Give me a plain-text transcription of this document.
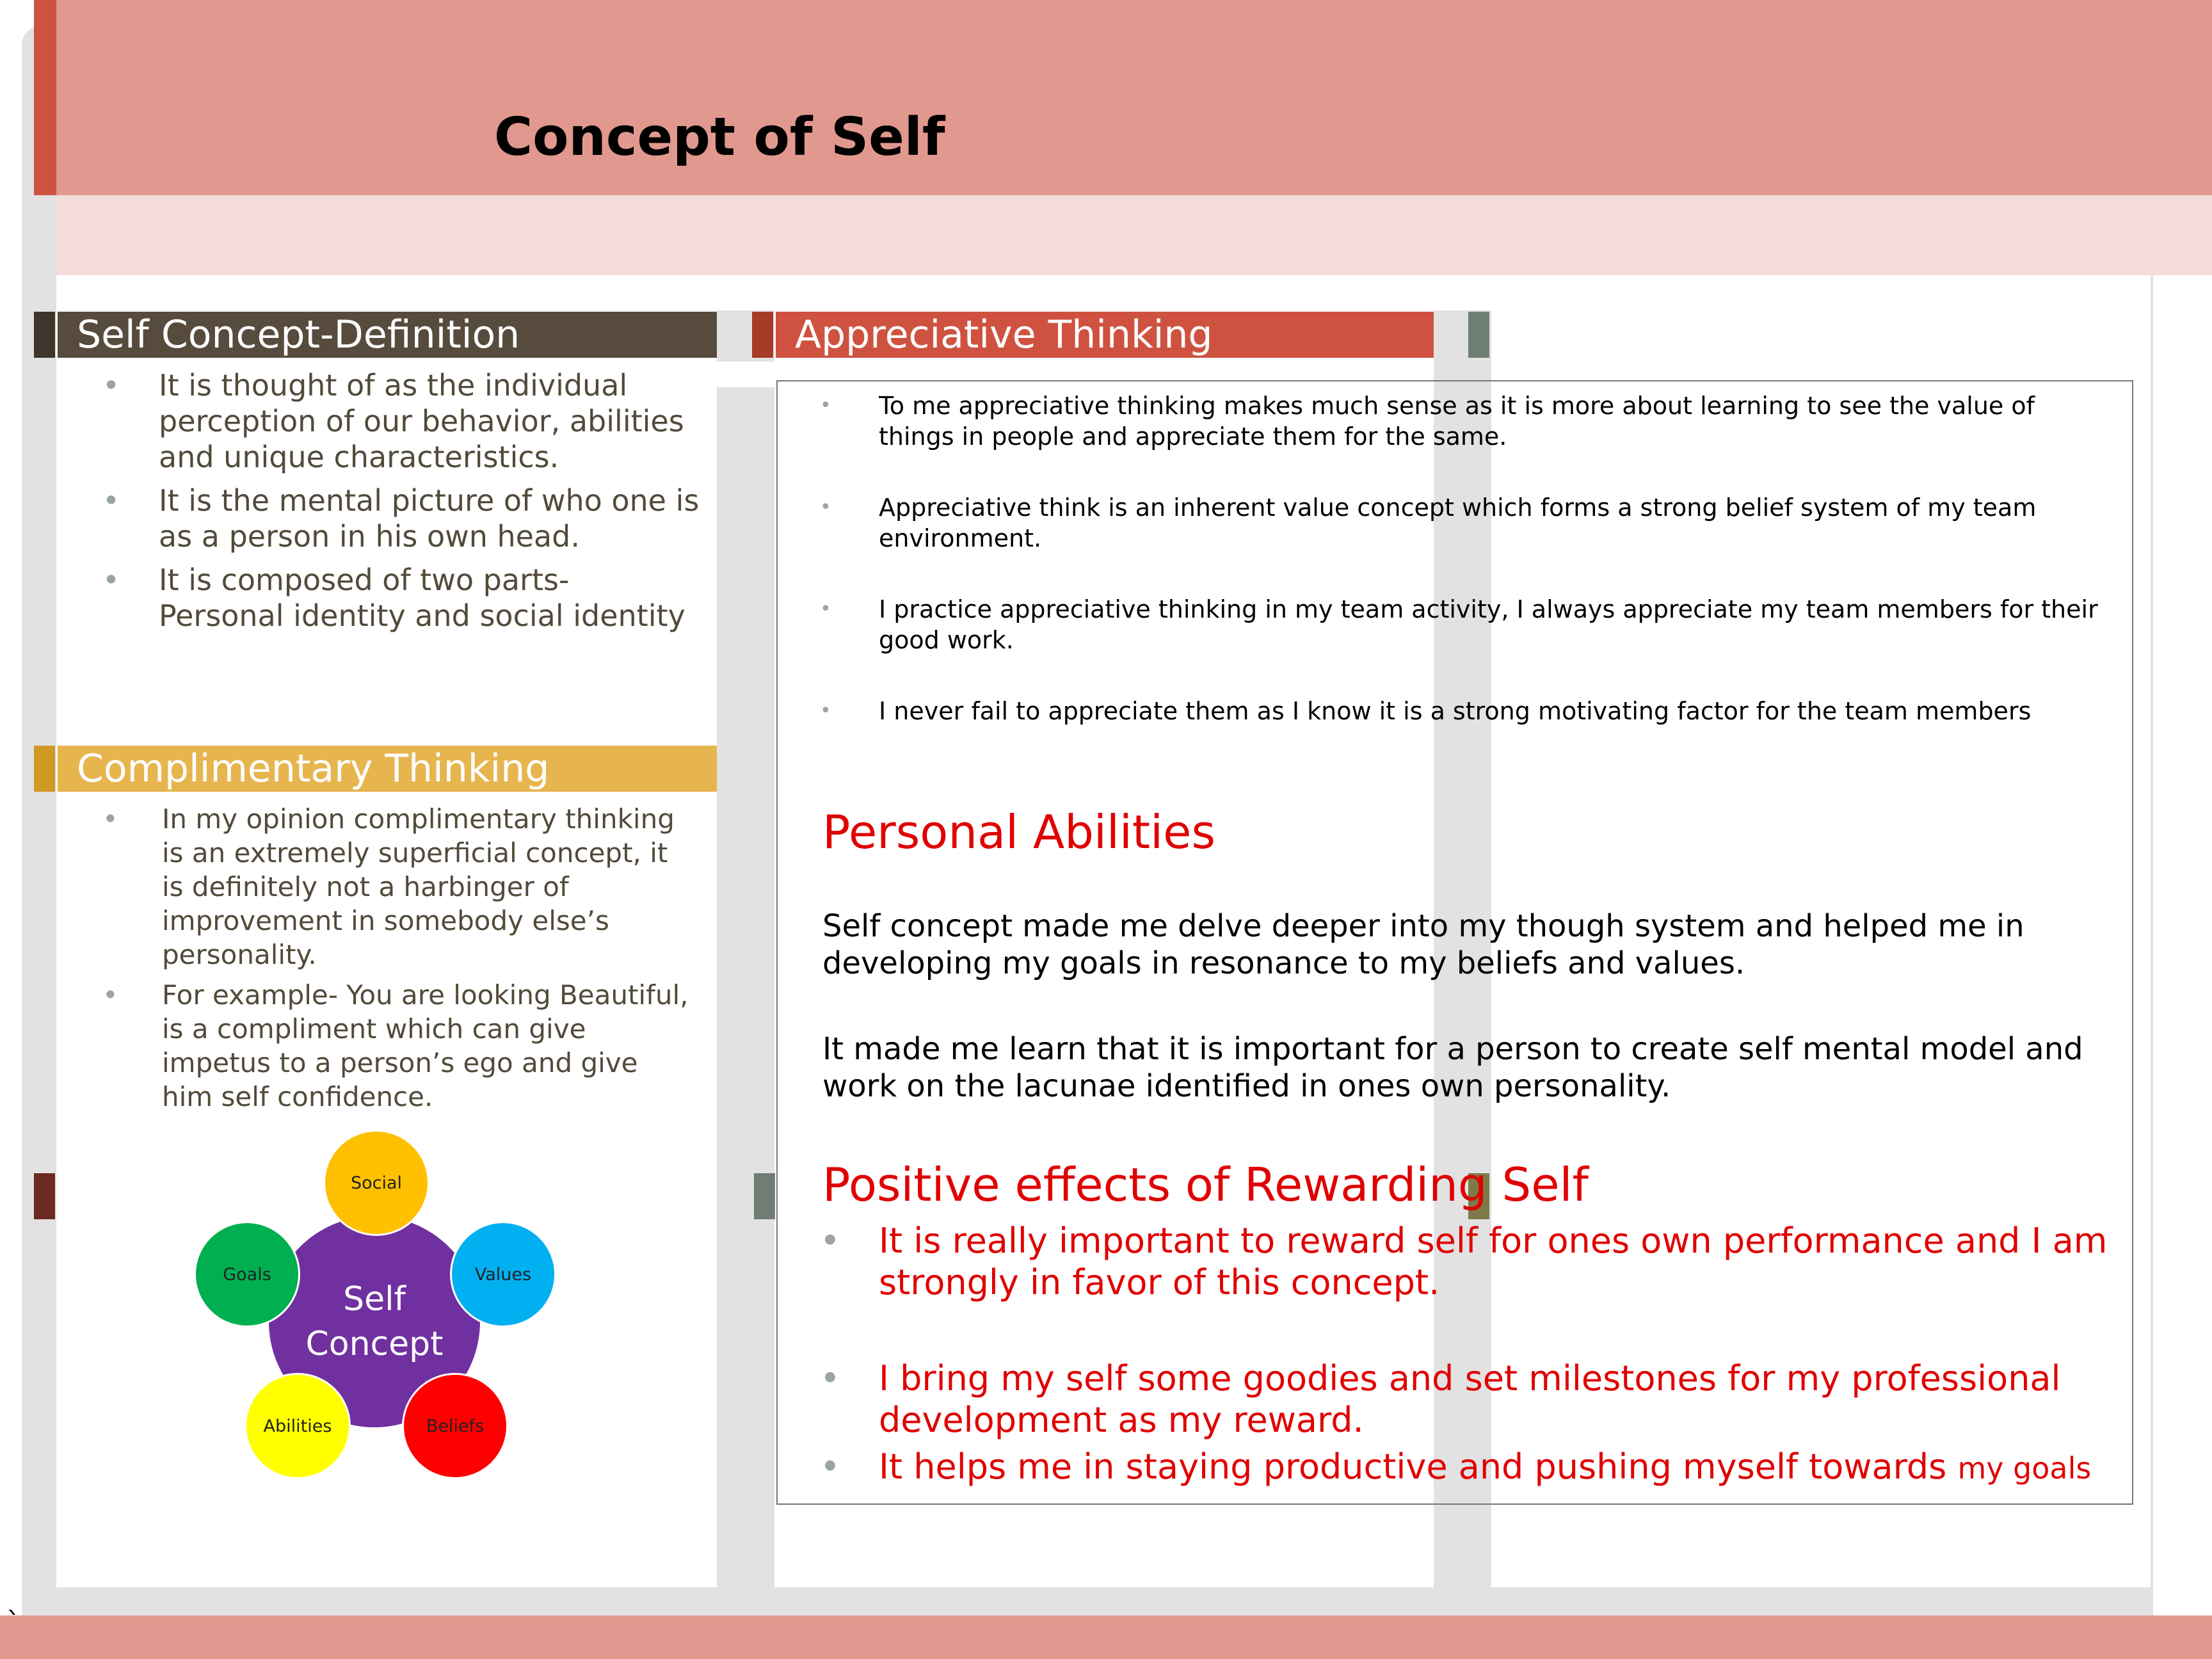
Concept of Self
Self Concept-Definition
• It is thought of as the individual perception of our behavior, abilities and unique characteristics.
• It is the mental picture of who one is as a person in his own head.
• It is composed of two parts- Personal identity and social identity
Complimentary Thinking
• In my opinion complimentary thinking is an extremely superficial concept, it is definitely not a harbinger of improvement in somebody else’s personality.
• For example- You are looking Beautiful, is a compliment which can give impetus to a person’s ego and give him self confidence.
Self
Concept
Social
Values
Beliefs
Abilities
Goals
Appreciative Thinking
• To me appreciative thinking makes much sense as it is more about learning to see the value of things in people and appreciate them for the same.
• Appreciative think is an inherent value concept which forms a strong belief system of my team environment.
• I practice appreciative thinking in my team activity, I always appreciate my team members for their good work.
• I never fail to appreciate them as I know it is a strong motivating factor for the team members
Personal Abilities
Self concept made me delve deeper into my though system and helped me in developing my goals in resonance to my beliefs and values.
It made me learn that it is important for a person to create self mental model and work on the lacunae identified in ones own personality.
Positive effects of Rewarding Self
• It is really important to reward self for ones own performance and I am strongly in favor of this concept.
• I bring my self some goodies and set milestones for my professional development as my reward.
• It helps me in staying productive and pushing myself towards my goals
`
